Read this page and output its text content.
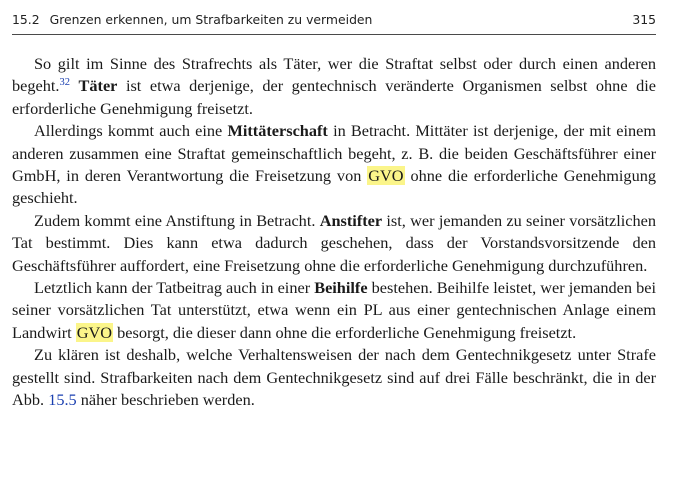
15.2 Grenzen erkennen, um Strafbarkeiten zu vermeiden	315

So gilt im Sinne des Strafrechts als Täter, wer die Straftat selbst oder durch einen anderen begeht.$^{32}$ Täter ist etwa derjenige, der gentechnisch veränderte Organismen selbst ohne die erforderliche Genehmigung freisetzt.

Allerdings kommt auch eine Mittäterschaft in Betracht. Mittäter ist derjenige, der mit einem anderen zusammen eine Straftat gemeinschaftlich begeht, z. B. die beiden Geschäftsführer einer GmbH, in deren Verantwortung die Freisetzung von GVO ohne die erforderliche Genehmigung geschieht.

Zudem kommt eine Anstiftung in Betracht. Anstifter ist, wer jemanden zu seiner vorsätzlichen Tat bestimmt. Dies kann etwa dadurch geschehen, dass der Vorstandsvorsitzende den Geschäftsführer auffordert, eine Freisetzung ohne die erforderliche Genehmigung durchzuführen.

Letztlich kann der Tatbeitrag auch in einer Beihilfe bestehen. Beihilfe leistet, wer jemanden bei seiner vorsätzlichen Tat unterstützt, etwa wenn ein PL aus einer gentechnischen Anlage einem Landwirt GVO besorgt, die dieser dann ohne die erforderliche Genehmigung freisetzt.

Zu klären ist deshalb, welche Verhaltensweisen der nach dem Gentechnikgesetz unter Strafe gestellt sind. Strafbarkeiten nach dem Gentechnikgesetz sind auf drei Fälle beschränkt, die in der Abb. 15.5 näher beschrieben werden.
